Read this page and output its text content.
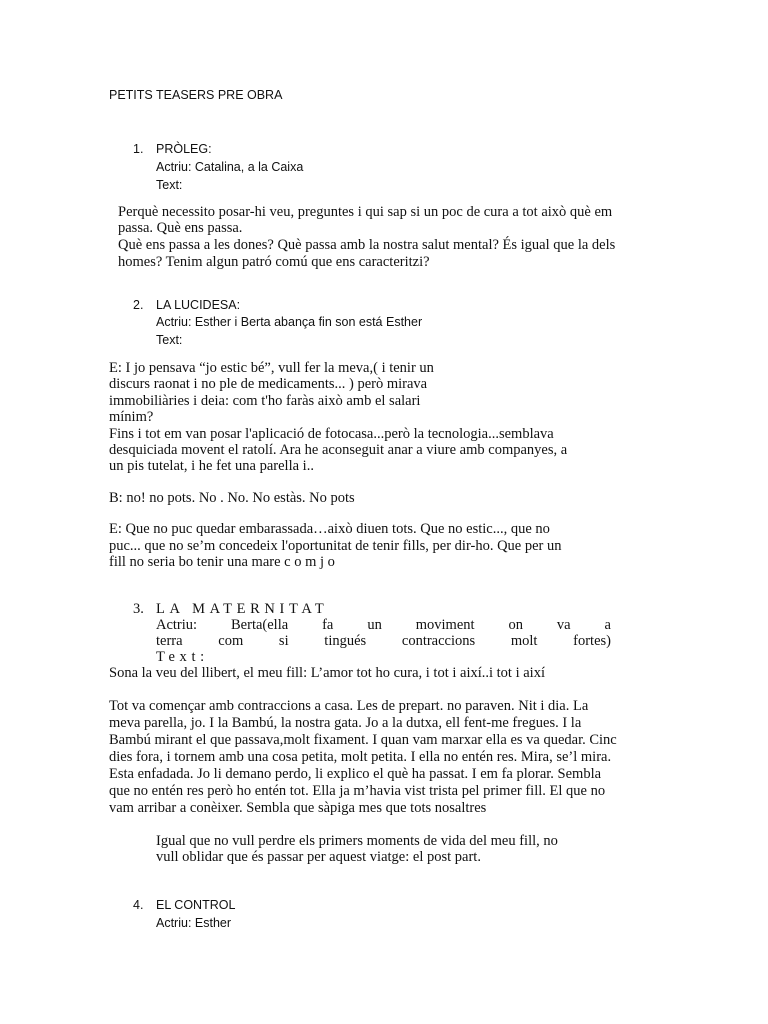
PETITS TEASERS PRE OBRA
1. PRÒLEG:
Actriu: Catalina, a la Caixa
Text:
Perquè necessito posar-hi veu, preguntes i qui sap si un poc de cura a tot això què em
passa. Què ens passa.
Què ens passa a les dones? Què passa amb la nostra salut mental? És igual que la dels
homes? Tenim algun patró comú que ens caracteritzi?
2. LA LUCIDESA:
Actriu: Esther i Berta abança fin son está Esther
Text:
E: I jo pensava “jo estic bé”, vull fer la meva,( i tenir un
discurs raonat i no ple de medicaments... ) però mirava
immobiliàries i deia: com t'ho faràs això amb el salari
mínim?
Fins i tot em van posar l'aplicació de fotocasa...però la tecnologia...semblava
desquiciada movent el ratolí. Ara he aconseguit anar a viure amb companyes, a
un pis tutelat, i he fet una parella i..
B: no! no pots. No . No. No estàs. No pots
E: Que no puc quedar embarassada…això diuen tots. Que no estic..., que no
puc... que no se’m concedeix l'oportunitat de tenir fills, per dir-ho. Que per un
fill no seria bo tenir una mare c o m j o
3. LA MATERNITAT
Actriu: Berta(ella fa un moviment on va a
terra com si tingués contraccions molt fortes)
Text:
Sona la veu del llibert, el meu fill: L’amor tot ho cura, i tot i així..i tot i així
Tot va començar amb contraccions a casa. Les de prepart. no paraven. Nit i dia. La
meva parella, jo. I la Bambú, la nostra gata. Jo a la dutxa, ell fent-me fregues. I la
Bambú mirant el que passava,molt fixament. I quan vam marxar ella es va quedar. Cinc
dies fora, i tornem amb una cosa petita, molt petita. I ella no entén res. Mira, se’l mira.
Esta enfadada. Jo li demano perdo, li explico el què ha passat. I em fa plorar. Sembla
que no entén res però ho entén tot. Ella ja m’havia vist trista pel primer fill. El que no
vam arribar a conèixer. Sembla que sàpiga mes que tots nosaltres
Igual que no vull perdre els primers moments de vida del meu fill, no
vull oblidar que és passar per aquest viatge: el post part.
4. EL CONTROL
Actriu: Esther
